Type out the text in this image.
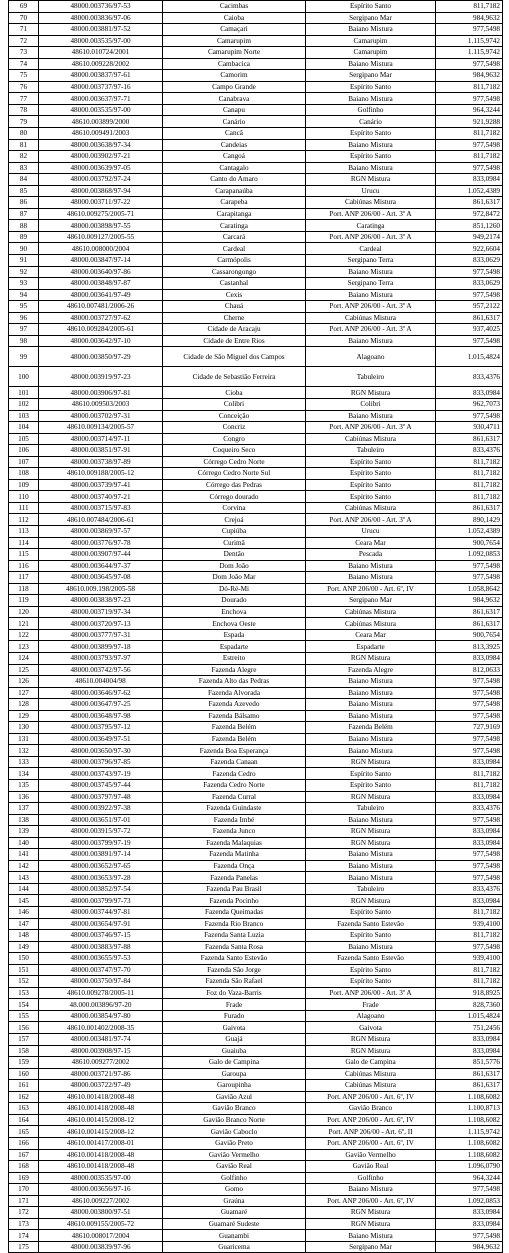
69	48000.003736/97-53	Cacimbas	Espírito Santo	811,7182
70	48000.003836/97-06	Caioba	Sergipano Mar	984,9632
71	48000.003881/97-52	Camaçari	Baiano Mistura	977,5498
72	48000.003535/97-00	Camarupim	Camarupim	1.115,9742
73	48610.010724/2001	Camarupim Norte	Camarupim	1.115,9742
74	48610.009228/2002	Cambacica	Baiano Mistura	977,5498
75	48000.003837/97-61	Camorim	Sergipano Mar	984,9632
76	48000.003737/97-16	Campo Grande	Espírito Santo	811,7182
77	48000.003637/97-71	Canabrava	Baiano Mistura	977,5498
78	48000.003535/97-00	Canapu	Golfinho	964,3244
79	48610.003899/2000	Canário	Canário	921,9288
80	48610.009491/2003	Cancã	Espírito Santo	811,7182
81	48000.003638/97-34	Candeias	Baiano Mistura	977,5498
82	48000.003902/97-21	Cangoá	Espírito Santo	811,7182
83	48000.003639/97-05	Cantagalo	Baiano Mistura	977,5498
84	48000.003792/97-24	Canto do Amaro	RGN Mistura	833,0984
85	48000.003868/97-94	Carapanaúba	Urucu	1.052,4389
86	48000.003711/97-22	Carapeba	Cabiúnas Mistura	861,6317
87	48610.009275/2005-71	Carapitanga	Port. ANP 206/00 - Art. 3º A	972,8472
88	48000.003898/97-55	Caratinga	Caratinga	851,1260
89	48610.009127/2005-55	Carcará	Port. ANP 206/00 - Art. 3º A	949,2174
90	48610.008000/2004	Cardeal	Cardeal	922,6604
91	48000.003847/97-14	Carmópolis	Sergipano Terra	833,0629
92	48000.003640/97-86	Cassarongongo	Baiano Mistura	977,5498
93	48000.003848/97-87	Castanhal	Sergipano Terra	833,0629
94	48000.003641/97-49	Cexis	Baiano Mistura	977,5498
95	48610.007481/2006-26	Chauá	Port. ANP 206/00 - Art. 3º A	957,2122
96	48000.003727/97-62	Cherne	Cabiúnas Mistura	861,6317
97	48610.009284/2005-61	Cidade de Aracaju	Port. ANP 206/00 - Art. 3º A	937,4025
98	48000.003642/97-10	Cidade de Entre Rios	Baiano Mistura	977,5498
99	48000.003850/97-29	Cidade de São Miguel dos Campos	Alagoano	1.015,4824
100	48000.003919/97-23	Cidade de Sebastião Ferreira	Tabuleiro	833,4376
101	48000.003906/97-81	Cioba	RGN Mistura	833,0984
102	48610.009503/2003	Colibri	Colibri	962,7073
103	48000.003702/97-31	Conceição	Baiano Mistura	977,5498
104	48610.009134/2005-57	Concriz	Port. ANP 206/00 - Art. 3º A	930,4711
105	48000.003714/97-11	Congro	Cabiúnas Mistura	861,6317
106	48000.003851/97-91	Coqueiro Seco	Tabuleiro	833,4376
107	48000.003738/97-89	Córrego Cedro Norte	Espírito Santo	811,7182
108	48610.009188/2005-12	Córrego Cedro Norte Sul	Espírito Santo	811,7182
109	48000.003739/97-41	Córrego das Pedras	Espírito Santo	811,7182
110	48000.003740/97-21	Córrego dourado	Espírito Santo	811,7182
111	48000.003715/97-83	Corvina	Cabiúnas Mistura	861,6317
112	48610.007484/2006-61	Crejoá	Port. ANP 206/00 - Art. 3º A	890,1429
113	48000.003869/97-57	Cupiúba	Urucu	1.052,4389
114	48000.003776/97-78	Curimã	Ceara Mar	900,7654
115	48000.003907/97-44	Dentão	Pescada	1.092,0853
116	48000.003644/97-37	Dom João	Baiano Mistura	977,5498
117	48000.003645/97-08	Dom João Mar	Baiano Mistura	977,5498
118	48610.009.198/2005-58	Dó-Ré-Mi	Port. ANP 206/00 - Art. 6º, IV	1.058,8642
119	48000.003838/97-23	Dourado	Sergipano Mar	984,9632
120	48000.003719/97-34	Enchova	Cabiúnas Mistura	861,6317
121	48000.003720/97-13	Enchova Oeste	Cabiúnas Mistura	861,6317
122	48000.003777/97-31	Espada	Ceara Mar	900,7654
123	48000.003899/97-18	Espadarte	Espadarte	813,3925
124	48000.003793/97-97	Estreito	RGN Mistura	833,0984
125	48000.003742/97-56	Fazenda Alegre	Fazenda Alegre	812,0633
126	48610.004004/98	Fazenda Alto das Pedras	Baiano Mistura	977,5498
127	48000.003646/97-62	Fazenda Alvorada	Baiano Mistura	977,5498
128	48000.003647/97-25	Fazenda Azevedo	Baiano Mistura	977,5498
129	48000.003648/97-98	Fazenda Bálsamo	Baiano Mistura	977,5498
130	48000.003795/97-12	Fazenda Belém	Fazenda Belém	727,9169
131	48000.003649/97-51	Fazenda Belém	Baiano Mistura	977,5498
132	48000.003650/97-30	Fazenda Boa Esperança	Baiano Mistura	977,5498
133	48000.003796/97-85	Fazenda Canaan	RGN Mistura	833,0984
134	48000.003743/97-19	Fazenda Cedro	Espírito Santo	811,7182
135	48000.003745/97-44	Fazenda Cedro Norte	Espírito Santo	811,7182
136	48000.003797/97-48	Fazenda Curral	RGN Mistura	833,0984
137	48000.003922/97-38	Fazenda Guindaste	Tabuleiro	833,4376
138	48000.003651/97-01	Fazenda Imbé	Baiano Mistura	977,5498
139	48000.003915/97-72	Fazenda Junco	RGN Mistura	833,0984
140	48000.003799/97-19	Fazenda Malaquias	RGN Mistura	833,0984
141	48000.003891/97-14	Fazenda Matinha	Baiano Mistura	977,5498
142	48000.003652/97-65	Fazenda Onça	Baiano Mistura	977,5498
143	48000.003653/97-28	Fazenda Panelas	Baiano Mistura	977,5498
144	48000.003852/97-54	Fazenda Pau Brasil	Tabuleiro	833,4376
145	48000.003799/97-73	Fazenda Pocinho	RGN Mistura	833,0984
146	48000.003744/97-81	Fazenda Queimadas	Espírito Santo	811,7182
147	48000.003654/97-91	Fazenda Rio Branco	Fazenda Santo Estevão	939,4100
148	48000.003746/97-15	Fazenda Santa Luzia	Espírito Santo	811,7182
149	48000.003883/97-88	Fazenda Santa Rosa	Baiano Mistura	977,5498
150	48000.003655/97-53	Fazenda Santo Estevão	Fazenda Santo Estevão	939,4100
151	48000.003747/97-70	Fazenda São Jorge	Espírito Santo	811,7182
152	48000.003750/97-84	Fazenda São Rafael	Espírito Santo	811,7182
153	48610.009278/2005-11	Foz do Vaza-Barris	Port. ANP 206/00 - Art. 3º A	918,8925
154	48.000.003896/97-20	Frade	Frade	828,7360
155	48000.003854/97-80	Furado	Alagoano	1.015,4824
156	48610.001402/2008-35	Gaivota	Gaivota	751,2456
157	48000.003481/97-74	Guajá	RGN Mistura	833,0984
158	48000.003908/97-15	Guaiuba	RGN Mistura	833,0984
159	48610.009277/2002	Galo de Campina	Galo de Campina	851,5776
160	48000.003721/97-86	Garoupa	Cabiúnas Mistura	861,6317
161	48000.003722/97-49	Garoupinha	Cabiúnas Mistura	861,6317
162	48610.001418/2008-48	Gavião Azul	Port. ANP 206/00 - Art. 6º, IV	1.108,6082
163	48610.001418/2008-48	Gavião Branco	Gavião Branco	1.100,8713
164	48610.001415/2008-12	Gavião Branco Norte	Port. ANP 206/00 - Art. 6º, IV	1.108,6082
165	48610.001415/2008-12	Gavião Caboclo	Port. ANP 206/00 - Art. 6º, II	1.115,9742
166	48610.001417/2008-01	Gavião Preto	Port. ANP 206/00 - Art. 6º, IV	1.108,6082
167	48610.001418/2008-48	Gavião Vermelho	Gavião Vermelho	1.108,6082
168	48610.001418/2008-48	Gavião Real	Gavião Real	1.096,0790
169	48000.003535/97-00	Golfinho	Golfinho	964,3244
170	48000.003656/97-16	Gomo	Baiano Mistura	977,5498
171	48610.009227/2002	Graúna	Port. ANP 206/00 - Art. 6º, IV	1.092,0853
172	48000.003800/97-51	Guamaré	RGN Mistura	833,0984
173	48610.009155/2005-72	Guamaré Sudeste	RGN Mistura	833,0984
174	48610.008017/2004	Guanambi	Baiano Mistura	977,5498
175	48000.003839/97-96	Guaricema	Sergipano Mar	984,9632
